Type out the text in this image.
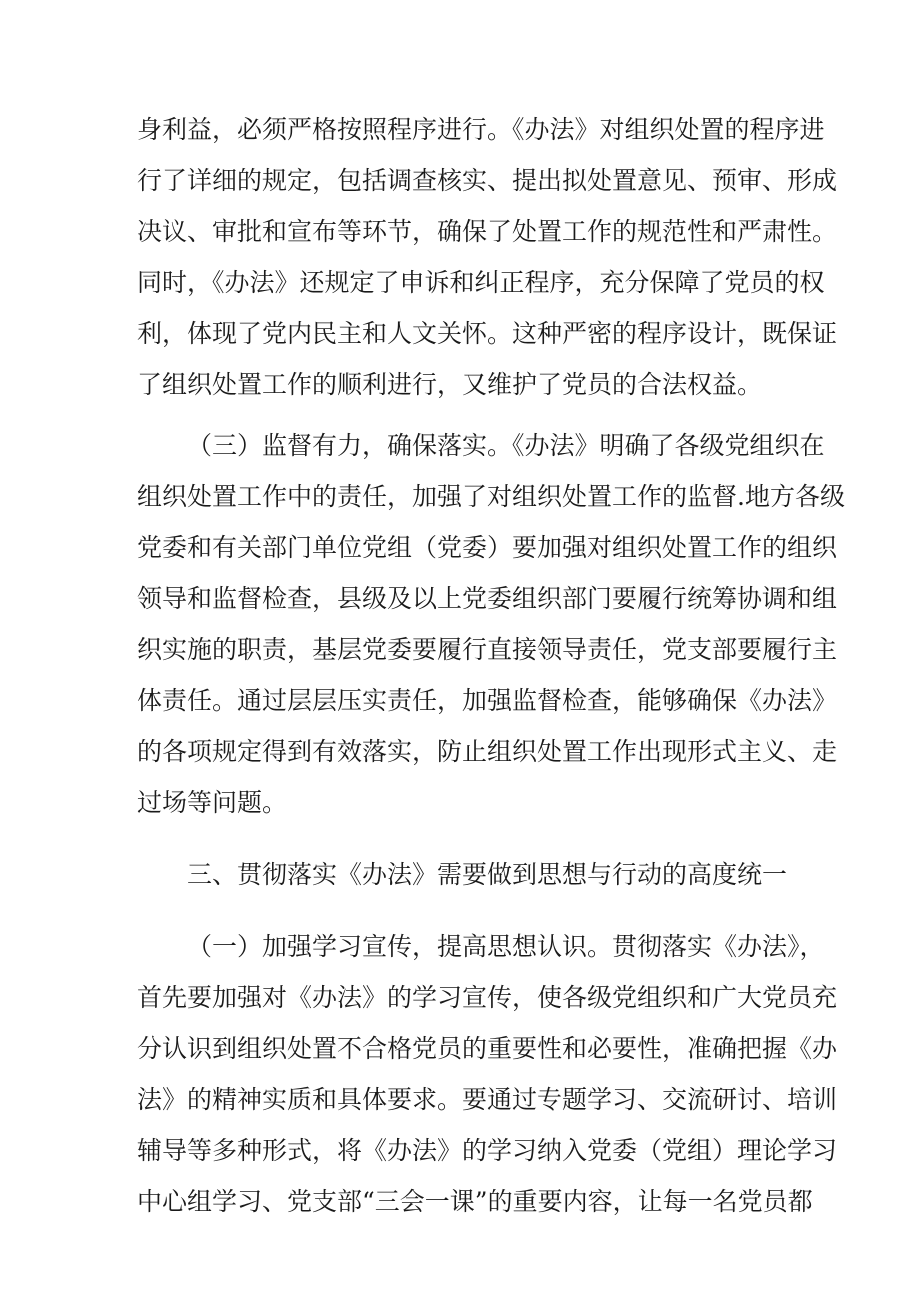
身利益，必须严格按照程序进行。《办法》对组织处置的程序进
行了详细的规定，包括调查核实、提出拟处置意见、预审、形成
决议、审批和宣布等环节，确保了处置工作的规范性和严肃性。
同时，《办法》还规定了申诉和纠正程序，充分保障了党员的权
利，体现了党内民主和人文关怀。这种严密的程序设计，既保证
了组织处置工作的顺利进行，又维护了党员的合法权益。
（三）监督有力，确保落实。《办法》明确了各级党组织在
组织处置工作中的责任，加强了对组织处置工作的监督.地方各级
党委和有关部门单位党组（党委）要加强对组织处置工作的组织
领导和监督检查，县级及以上党委组织部门要履行统筹协调和组
织实施的职责，基层党委要履行直接领导责任，党支部要履行主
体责任。通过层层压实责任，加强监督检查，能够确保《办法》
的各项规定得到有效落实，防止组织处置工作出现形式主义、走
过场等问题。
三、贯彻落实《办法》需要做到思想与行动的高度统一
（一）加强学习宣传，提高思想认识。贯彻落实《办法》，
首先要加强对《办法》的学习宣传，使各级党组织和广大党员充
分认识到组织处置不合格党员的重要性和必要性，准确把握《办
法》的精神实质和具体要求。要通过专题学习、交流研讨、培训
辅导等多种形式，将《办法》的学习纳入党委（党组）理论学习
中心组学习、党支部“三会一课”的重要内容，让每一名党员都
